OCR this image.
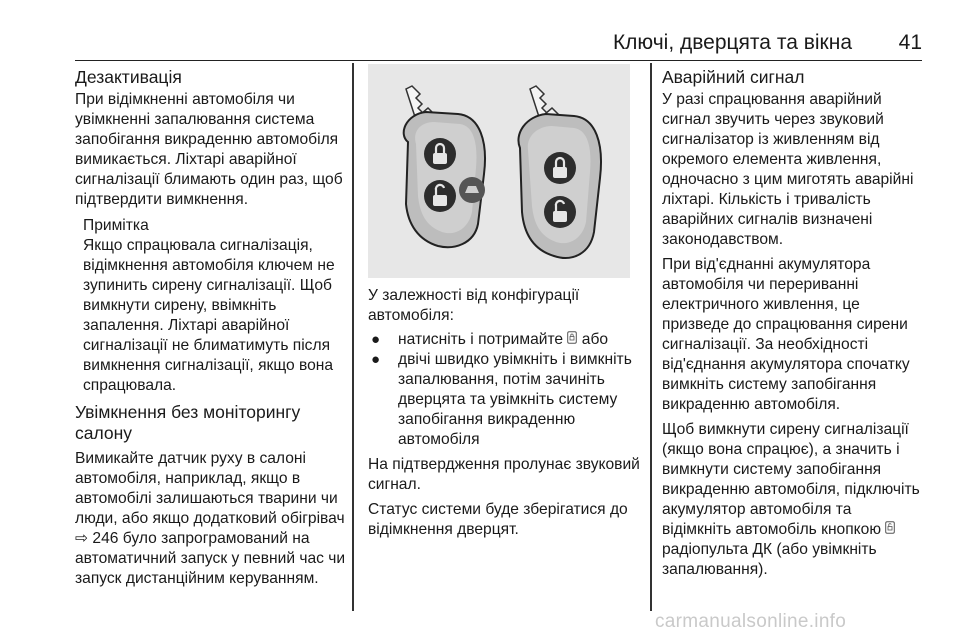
Ключі, дверцята та вікна 41
Дезактивація

При відімкненні автомобіля чи увімкненні запалювання система запобігання викраденню автомобіля вимикається. Ліхтарі аварійної сигналізації блимають один раз, щоб підтвердити вимкнення.

Примітка

Якщо спрацювала сигналізація, відімкнення автомобіля ключем не зупинить сирену сигналізації. Щоб вимкнути сирену, ввімкніть запалення. Ліхтарі аварійної сигналізації не блиматимуть після вимкнення сигналізації, якщо вона спрацювала.

Увімкнення без моніторингу салону

Вимикайте датчик руху в салоні автомобіля, наприклад, якщо в автомобілі залишаються тварини чи люди, або якщо додатковий обігрівач ⇨ 246 було запрограмований на автоматичний запуск у певний час чи запуск дистанційним керуванням.

У залежності від конфігурації автомобіля:

● натисніть і потримайте або
● двічі швидко увімкніть і вимкніть запалювання, потім зачиніть дверцята та увімкніть систему запобігання викраденню автомобіля

На підтвердження пролунає звуковий сигнал.

Статус системи буде зберігатися до відімкнення дверцят.

Аварійний сигнал

У разі спрацювання аварійний сигнал звучить через звуковий сигналізатор із живленням від окремого елемента живлення, одночасно з цим миготять аварійні ліхтарі. Кількість і тривалість аварійних сигналів визначені законодавством.

При від'єднанні акумулятора автомобіля чи перериванні електричного живлення, це призведе до спрацювання сирени сигналізації. За необхідності від'єднання акумулятора спочатку вимкніть систему запобігання викраденню автомобіля.

Щоб вимкнути сирену сигналізації (якщо вона спрацює), а значить і вимкнути систему запобігання викраденню автомобіля, підключіть акумулятор автомобіля та відімкніть автомобіль кнопкою  радіопульта ДК (або увімкніть запалювання).

carmanualsonline.info
